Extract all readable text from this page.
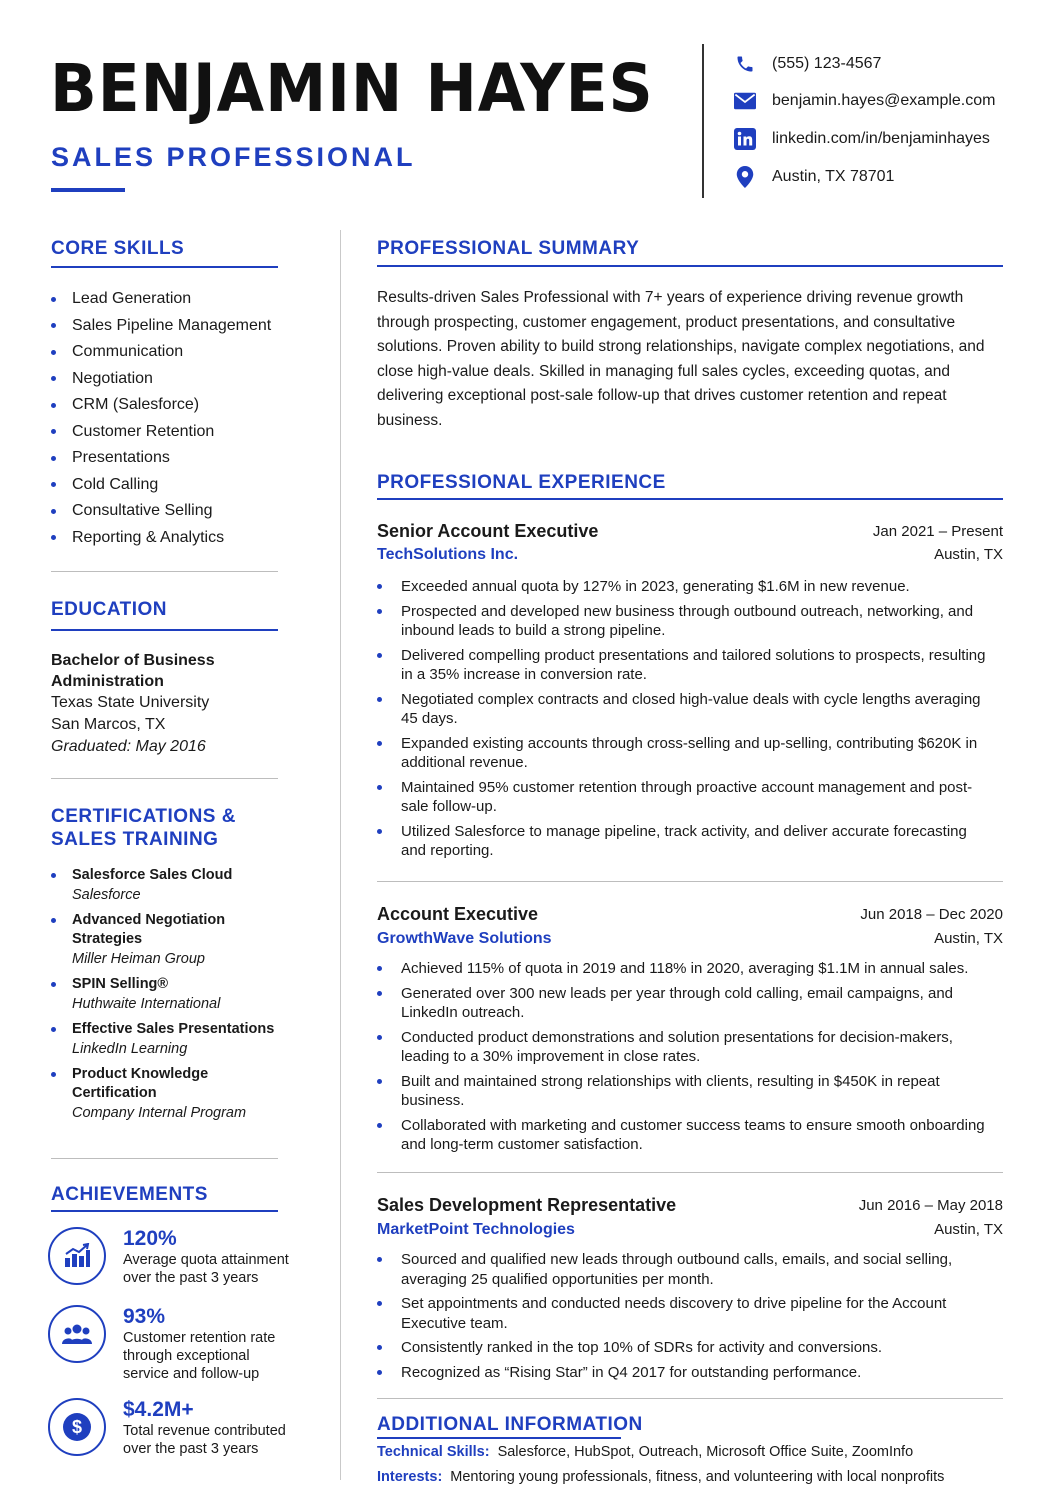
BENJAMIN HAYES
SALES PROFESSIONAL
(555) 123-4567
benjamin.hayes@example.com
linkedin.com/in/benjaminhayes
Austin, TX 78701
CORE SKILLS
Lead Generation
Sales Pipeline Management
Communication
Negotiation
CRM (Salesforce)
Customer Retention
Presentations
Cold Calling
Consultative Selling
Reporting & Analytics
EDUCATION
Bachelor of Business Administration
Texas State University
San Marcos, TX
Graduated: May 2016
CERTIFICATIONS &
SALES TRAINING
Salesforce Sales Cloud
Salesforce
Advanced Negotiation Strategies
Miller Heiman Group
SPIN Selling®
Huthwaite International
Effective Sales Presentations
LinkedIn Learning
Product Knowledge Certification
Company Internal Program
ACHIEVEMENTS
120%
Average quota attainment over the past 3 years
93%
Customer retention rate through exceptional service and follow-up
$
$4.2M+
Total revenue contributed over the past 3 years
PROFESSIONAL SUMMARY
Results-driven Sales Professional with 7+ years of experience driving revenue growth through prospecting, customer engagement, product presentations, and consultative solutions. Proven ability to build strong relationships, navigate complex negotiations, and close high-value deals. Skilled in managing full sales cycles, exceeding quotas, and delivering exceptional post-sale follow-up that drives customer retention and repeat business.
PROFESSIONAL EXPERIENCE
Senior Account Executive
TechSolutions Inc.
Jan 2021 – Present
Austin, TX
Exceeded annual quota by 127% in 2023, generating $1.6M in new revenue.
Prospected and developed new business through outbound outreach, networking, and inbound leads to build a strong pipeline.
Delivered compelling product presentations and tailored solutions to prospects, resulting in a 35% increase in conversion rate.
Negotiated complex contracts and closed high-value deals with cycle lengths averaging 45 days.
Expanded existing accounts through cross-selling and up-selling, contributing $620K in additional revenue.
Maintained 95% customer retention through proactive account management and post-sale follow-up.
Utilized Salesforce to manage pipeline, track activity, and deliver accurate forecasting and reporting.
Account Executive
GrowthWave Solutions
Jun 2018 – Dec 2020
Austin, TX
Achieved 115% of quota in 2019 and 118% in 2020, averaging $1.1M in annual sales.
Generated over 300 new leads per year through cold calling, email campaigns, and LinkedIn outreach.
Conducted product demonstrations and solution presentations for decision-makers, leading to a 30% improvement in close rates.
Built and maintained strong relationships with clients, resulting in $450K in repeat business.
Collaborated with marketing and customer success teams to ensure smooth onboarding and long-term customer satisfaction.
Sales Development Representative
MarketPoint Technologies
Jun 2016 – May 2018
Austin, TX
Sourced and qualified new leads through outbound calls, emails, and social selling, averaging 25 qualified opportunities per month.
Set appointments and conducted needs discovery to drive pipeline for the Account Executive team.
Consistently ranked in the top 10% of SDRs for activity and conversions.
Recognized as “Rising Star” in Q4 2017 for outstanding performance.
ADDITIONAL INFORMATION
Technical Skills: Salesforce, HubSpot, Outreach, Microsoft Office Suite, ZoomInfo
Interests: Mentoring young professionals, fitness, and volunteering with local nonprofits
